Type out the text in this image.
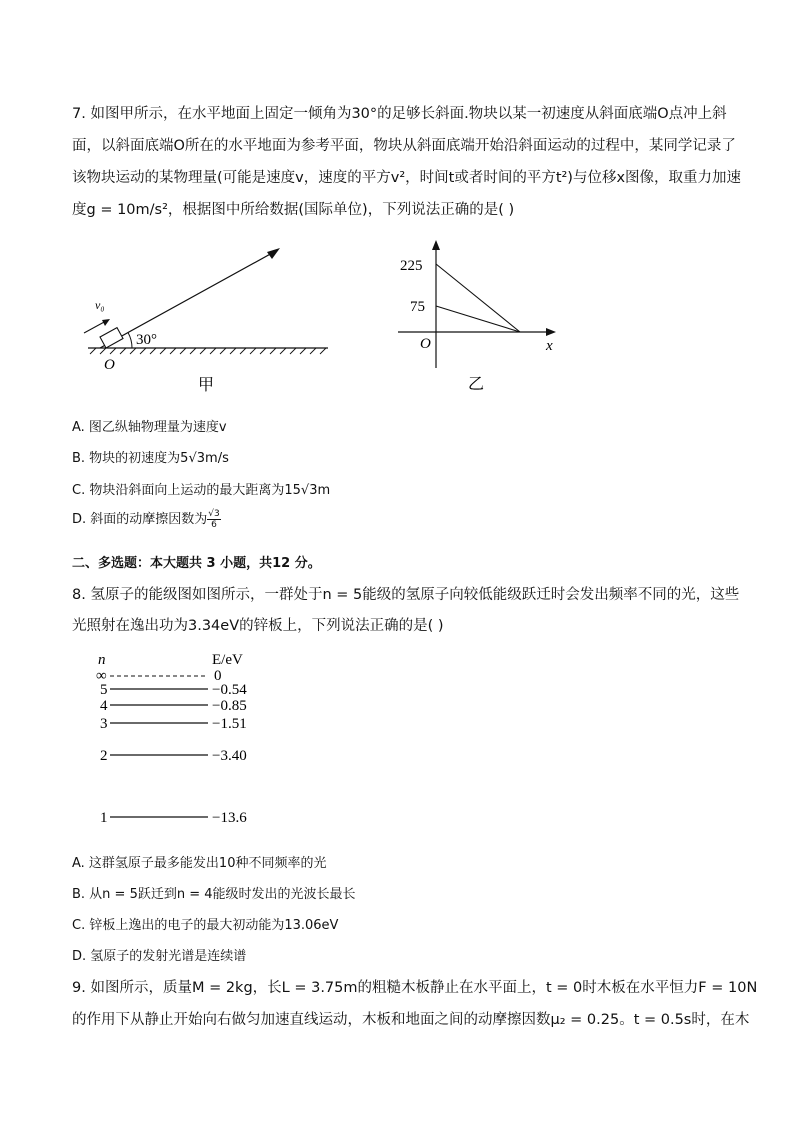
7. 如图甲所示，在水平地面上固定一倾角为30°的足够长斜面.物块以某一初速度从斜面底端O点冲上斜
面，以斜面底端O所在的水平地面为参考平面，物块从斜面底端开始沿斜面运动的过程中，某同学记录了
该物块运动的某物理量(可能是速度v，速度的平方v²，时间t或者时间的平方t²)与位移x图像，取重力加速
度g = 10m/s²，根据图中所给数据(国际单位)，下列说法正确的是( )
30°
v₀
O
甲
225
75
O	x
乙
A. 图乙纵轴物理量为速度v
B. 物块的初速度为5√3m/s
C. 物块沿斜面向上运动的最大距离为15√3m
D. 斜面的动摩擦因数为 $\frac{√3}{6}$
二、多选题：本大题共 3 小题，共12 分。
8. 氢原子的能级图如图所示，一群处于n = 5能级的氢原子向较低能级跃迁时会发出频率不同的光，这些
光照射在逸出功为3.34eV的锌板上，下列说法正确的是( )
n	E/eV
∞	0
5	−0.54
4	−0.85
3	−1.51
2	−3.40
1	−13.6
A. 这群氢原子最多能发出10种不同频率的光
B. 从n = 5跃迁到n = 4能级时发出的光波长最长
C. 锌板上逸出的电子的最大初动能为13.06eV
D. 氢原子的发射光谱是连续谱
9. 如图所示，质量M = 2kg，长L = 3.75m的粗糙木板静止在水平面上，t = 0时木板在水平恒力F = 10N
的作用下从静止开始向右做匀加速直线运动，木板和地面之间的动摩擦因数μ₂ = 0.25。t = 0.5s时，在木
